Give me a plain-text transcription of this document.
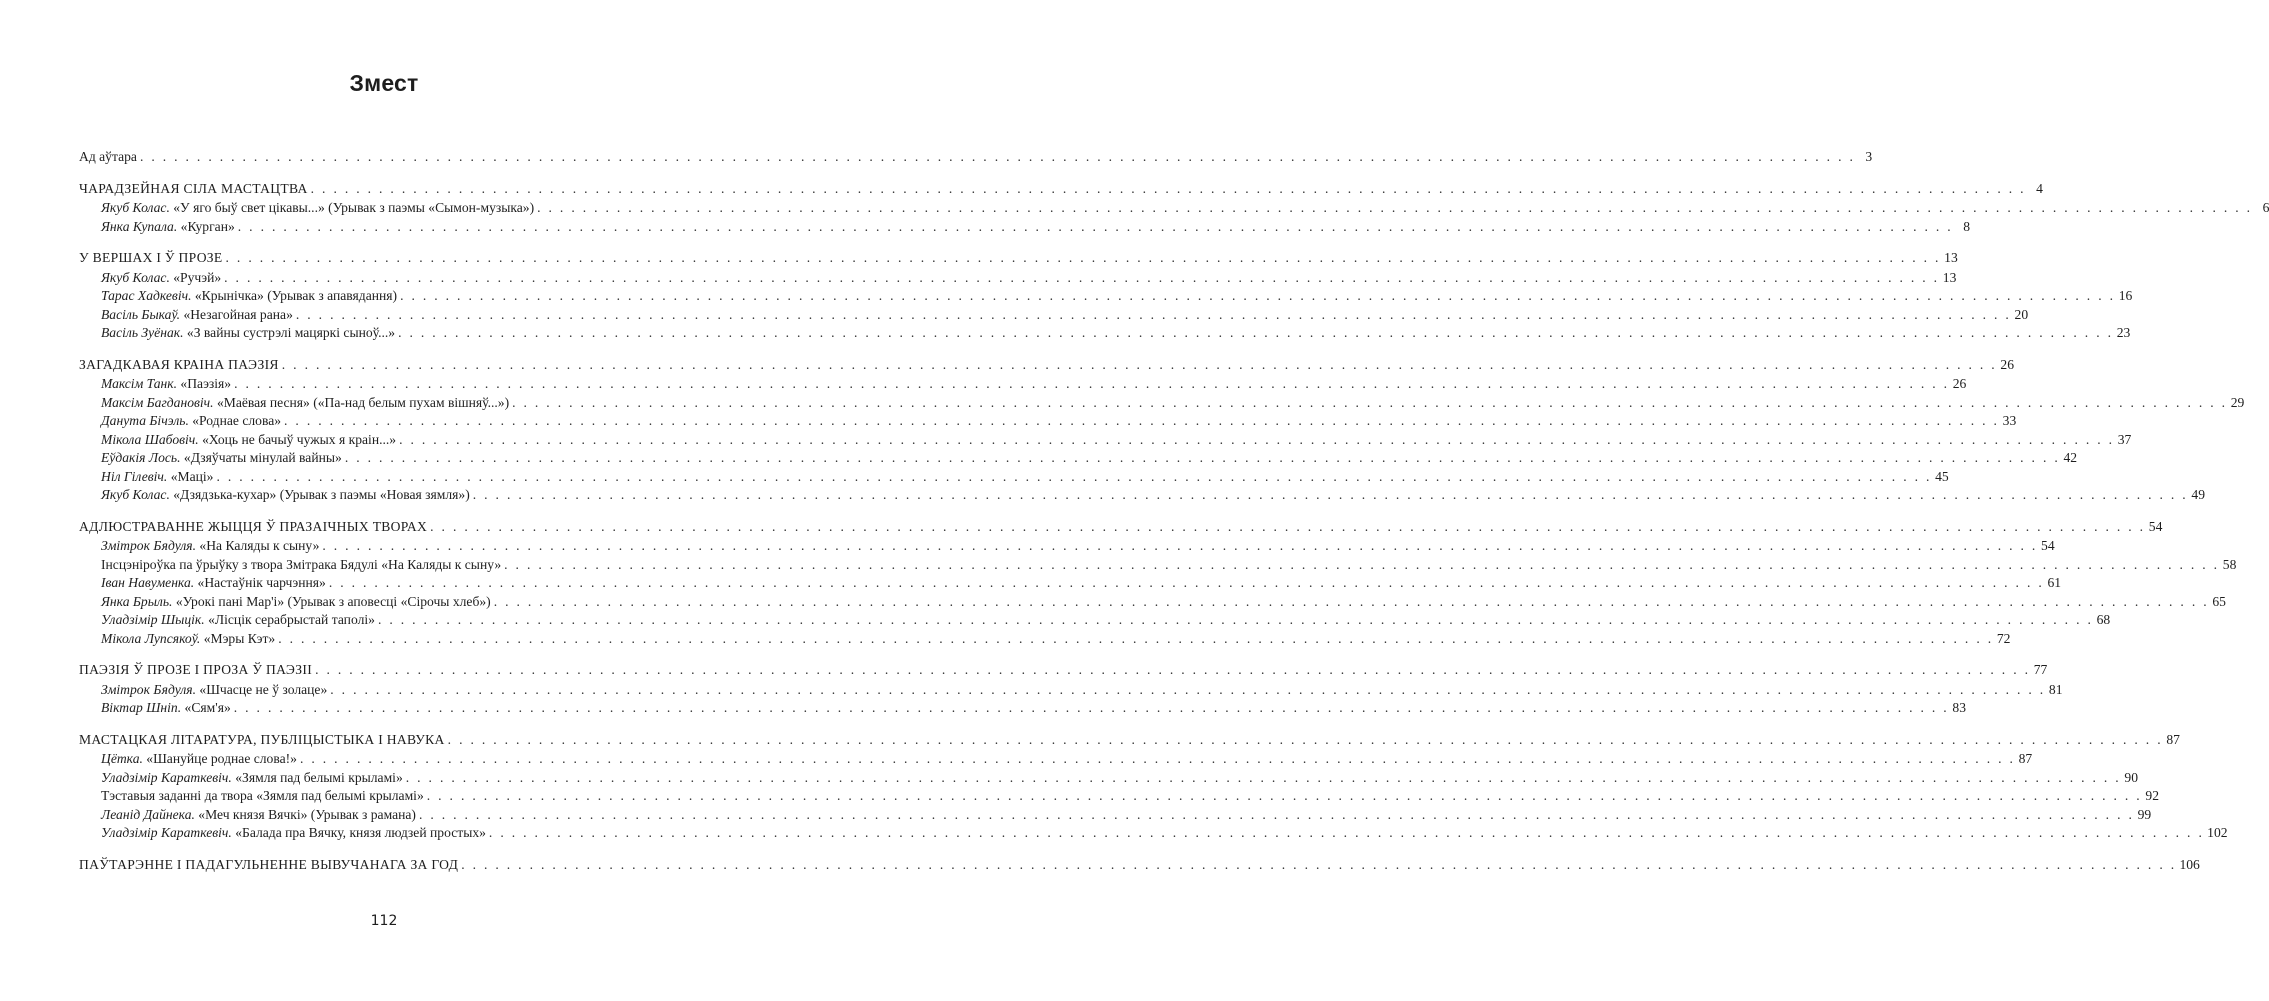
Змест
Ад аўтара . . .	3
ЧАРАДЗЕЙНАЯ СІЛА МАСТАЦТВА . . .	4
Якуб Колас. «У яго быў свет цікавы...» (Урывак з паэмы «Сымон-музыка») . . .	6
Янка Купала. «Курган» . . .	8
У ВЕРШАХ І Ў ПРОЗЕ . . .	13
Якуб Колас. «Ручэй» . . .	13
Тарас Хадкевіч. «Крынічка» (Урывак з апавядання) . . .	16
Васіль Быкаў. «Незагойная рана» . . .	20
Васіль Зуёнак. «З вайны сустрэлі мацяркі сыноў...» . . .	23
ЗАГАДКАВАЯ КРАІНА ПАЭЗІЯ . . .	26
Максім Танк. «Паэзія» . . .	26
Максім Багдановіч. «Маёвая песня» («Па-над белым пухам вішняў...») . . .	29
Данута Бічэль. «Роднае слова» . . .	33
Мікола Шабовіч. «Хоць не бачыў чужых я краін...» . . .	37
Еўдакія Лось. «Дзяўчаты мінулай вайны» . . .	42
Ніл Гілевіч. «Маці» . . .	45
Якуб Колас. «Дзядзька-кухар» (Урывак з паэмы «Новая зямля») . . .	49
АДЛЮСТРАВАННЕ ЖЫЦЦЯ Ў ПРАЗАІЧНЫХ ТВОРАХ . . .	54
Змітрок Бядуля. «На Каляды к сыну» . . .	54
Інсцэніроўка па ўрыўку з твора Змітрака Бядулі «На Каляды к сыну» . . .	58
Іван Навуменка. «Настаўнік чарчэння» . . .	61
Янка Брыль. «Урокі пані Мар'і» (Урывак з аповесці «Сірочы хлеб») . . .	65
Уладзімір Шыцік. «Лісцік серабрыстай таполі» . . .	68
Мікола Лупсякоў. «Мэры Кэт» . . .	72
ПАЭЗІЯ Ў ПРОЗЕ І ПРОЗА Ў ПАЭЗІІ . . .	77
Змітрок Бядуля. «Шчасце не ў золаце» . . .	81
Віктар Шніп. «Сям'я» . . .	83
МАСТАЦКАЯ ЛІТАРАТУРА, ПУБЛІЦЫСТЫКА І НАВУКА . . .	87
Цётка. «Шануйце роднае слова!» . . .	87
Уладзімір Караткевіч. «Зямля пад белымі крыламі» . . .	90
Тэставыя заданні да твора «Зямля пад белымі крыламі» . . .	92
Леанід Дайнека. «Меч князя Вячкі» (Урывак з рамана) . . .	99
Уладзімір Караткевіч. «Балада пра Вячку, князя людзей простых» . . .	102
ПАЎТАРЭННЕ І ПАДАГУЛЬНЕННЕ ВЫВУЧАНАГА ЗА ГОД . . .	106
112
